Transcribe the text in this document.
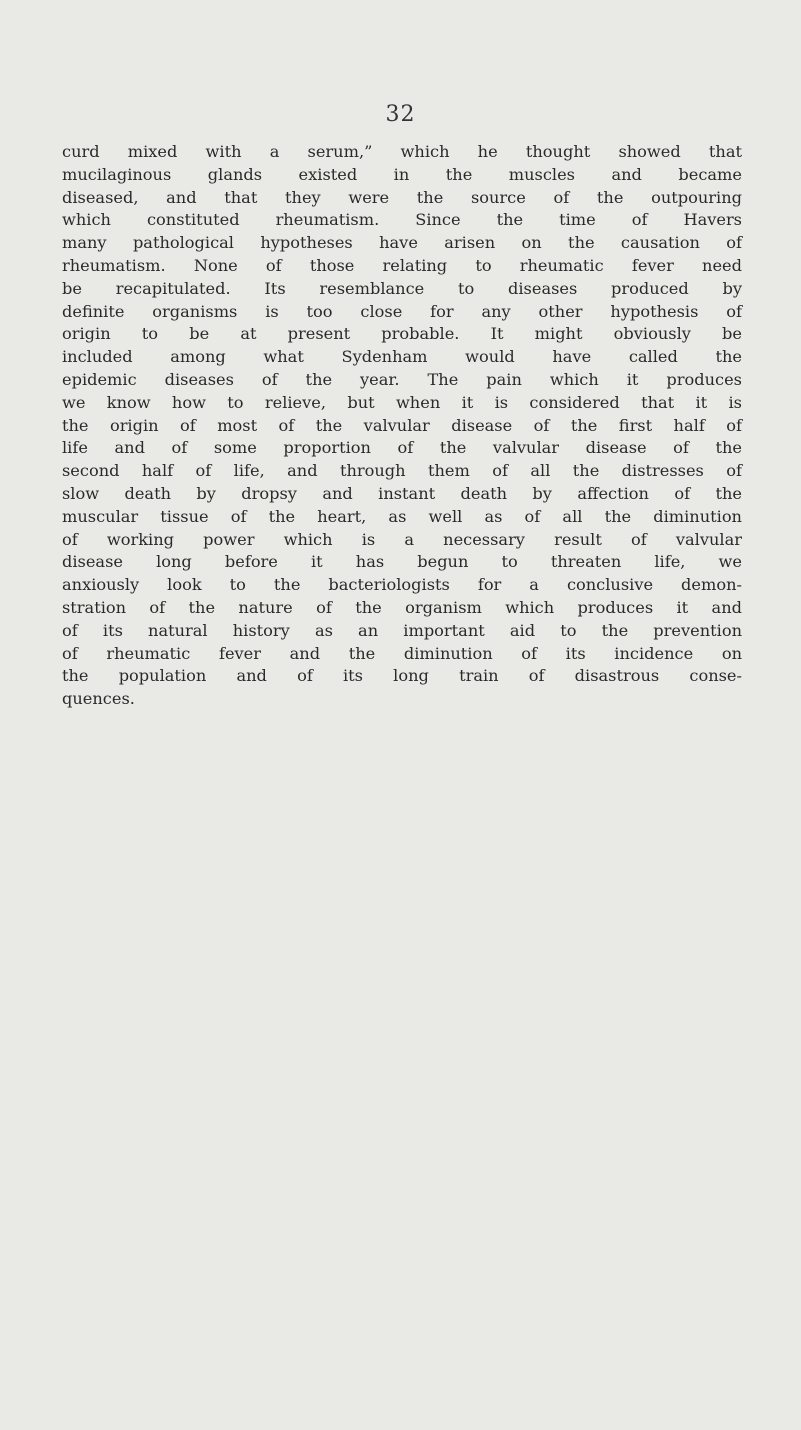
32
curd mixed with a serum,” which he thought showed that
mucilaginous glands existed in the muscles and became
diseased, and that they were the source of the outpouring
which constituted rheumatism. Since the time of Havers
many pathological hypotheses have arisen on the causation of
rheumatism. None of those relating to rheumatic fever need
be recapitulated. Its resemblance to diseases produced by
definite organisms is too close for any other hypothesis of
origin to be at present probable. It might obviously be
included among what Sydenham would have called the
epidemic diseases of the year. The pain which it produces
we know how to relieve, but when it is considered that it is
the origin of most of the valvular disease of the first half of
life and of some proportion of the valvular disease of the
second half of life, and through them of all the distresses of
slow death by dropsy and instant death by affection of the
muscular tissue of the heart, as well as of all the diminution
of working power which is a necessary result of valvular
disease long before it has begun to threaten life, we
anxiously look to the bacteriologists for a conclusive demon-
stration of the nature of the organism which produces it and
of its natural history as an important aid to the prevention
of rheumatic fever and the diminution of its incidence on
the population and of its long train of disastrous conse-
quences.
